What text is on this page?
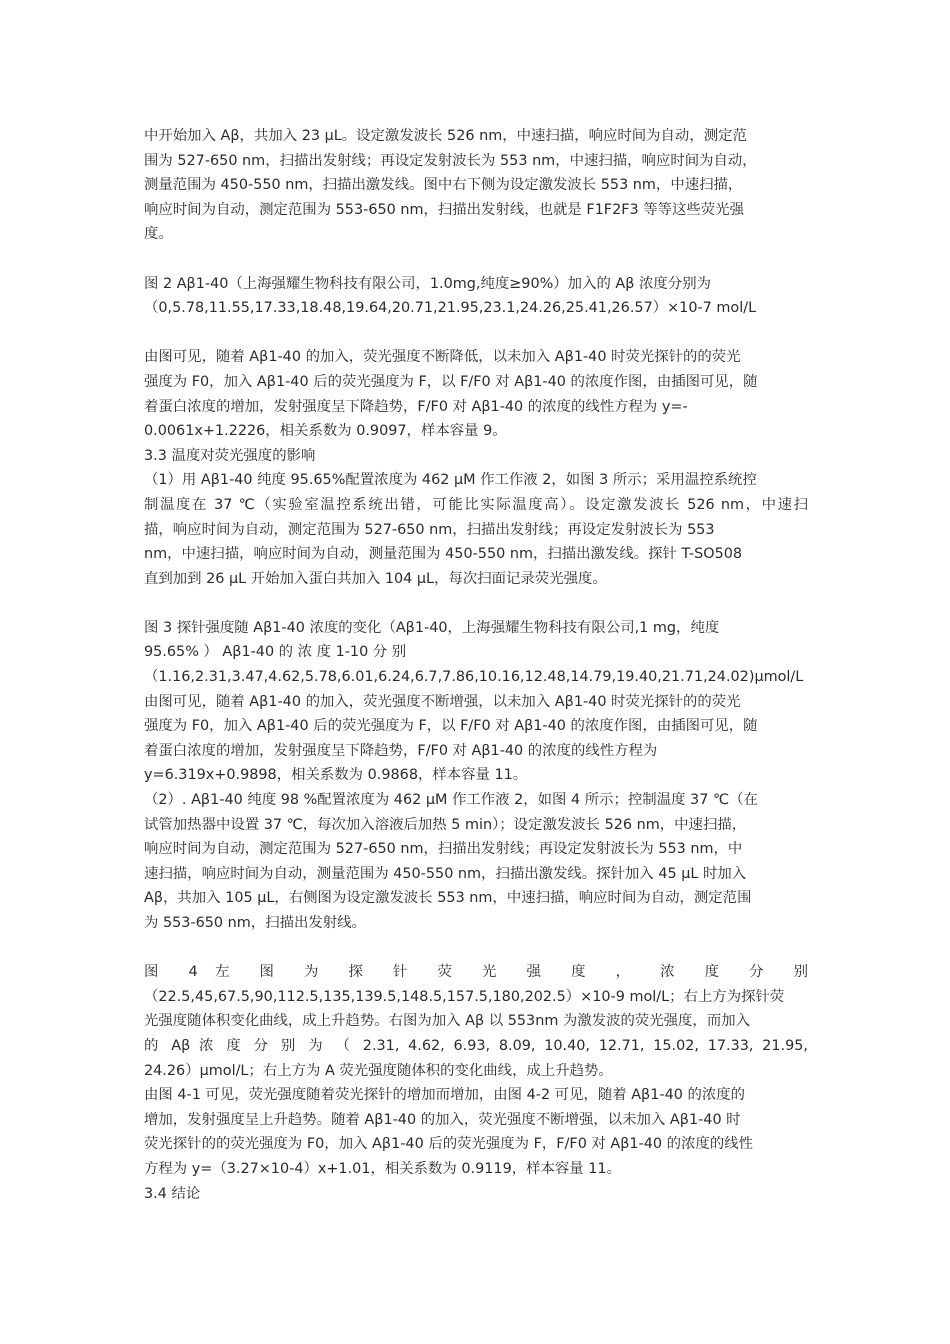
中开始加入 Aβ，共加入 23 μL。设定激发波长 526 nm，中速扫描，响应时间为自动，测定范
围为 527-650 nm，扫描出发射线；再设定发射波长为 553 nm，中速扫描，响应时间为自动，
测量范围为 450-550 nm，扫描出激发线。图中右下侧为设定激发波长 553 nm，中速扫描，
响应时间为自动，测定范围为 553-650 nm，扫描出发射线，也就是 F1F2F3 等等这些荧光强
度。
图 2 Aβ1-40（上海强耀生物科技有限公司，1.0mg,纯度≥90%）加入的 Aβ 浓度分别为
（0,5.78,11.55,17.33,18.48,19.64,20.71,21.95,23.1,24.26,25.41,26.57）×10-7 mol/L
由图可见，随着 Aβ1-40 的加入，荧光强度不断降低，以未加入 Aβ1-40 时荧光探针的的荧光
强度为 F0，加入 Aβ1-40 后的荧光强度为 F，以 F/F0 对 Aβ1-40 的浓度作图，由插图可见，随
着蛋白浓度的增加，发射强度呈下降趋势，F/F0 对 Aβ1-40 的浓度的线性方程为 y=-
0.0061x+1.2226，相关系数为 0.9097，样本容量 9。
3.3 温度对荧光强度的影响
（1）用 Aβ1-40 纯度 95.65%配置浓度为 462 μM 作工作液 2，如图 3 所示；采用温控系统控
制温度在 37 ℃（实验室温控系统出错，可能比实际温度高）。设定激发波长 526 nm，中速扫
描，响应时间为自动，测定范围为 527-650 nm，扫描出发射线；再设定发射波长为 553
nm，中速扫描，响应时间为自动，测量范围为 450-550 nm，扫描出激发线。探针 T-SO508
直到加到 26 μL 开始加入蛋白共加入 104 μL，每次扫面记录荧光强度。
图 3 探针强度随 Aβ1-40 浓度的变化（Aβ1-40，上海强耀生物科技有限公司,1 mg，纯度
95.65% ） Aβ1-40 的 浓 度 1-10 分 别
（1.16,2.31,3.47,4.62,5.78,6.01,6.24,6.7,7.86,10.16,12.48,14.79,19.40,21.71,24.02)μmol/L
由图可见，随着 Aβ1-40 的加入，荧光强度不断增强，以未加入 Aβ1-40 时荧光探针的的荧光
强度为 F0，加入 Aβ1-40 后的荧光强度为 F，以 F/F0 对 Aβ1-40 的浓度作图，由插图可见，随
着蛋白浓度的增加，发射强度呈下降趋势，F/F0 对 Aβ1-40 的浓度的线性方程为
y=6.319x+0.9898，相关系数为 0.9868，样本容量 11。
（2）. Aβ1-40 纯度 98 %配置浓度为 462 μM 作工作液 2，如图 4 所示；控制温度 37 ℃（在
试管加热器中设置 37 ℃，每次加入溶液后加热 5 min）；设定激发波长 526 nm，中速扫描，
响应时间为自动，测定范围为 527-650 nm，扫描出发射线；再设定发射波长为 553 nm，中
速扫描，响应时间为自动，测量范围为 450-550 nm，扫描出激发线。探针加入 45 μL 时加入
Aβ，共加入 105 μL，右侧图为设定激发波长 553 nm，中速扫描，响应时间为自动，测定范围
为 553-650 nm，扫描出发射线。
图 4 左 图 为 探 针 荧 光 强 度 ， 浓 度 分 别
（22.5,45,67.5,90,112.5,135,139.5,148.5,157.5,180,202.5）×10-9 mol/L；右上方为探针荧
光强度随体积变化曲线，成上升趋势。右图为加入 Aβ 以 553nm 为激发波的荧光强度，而加入
的 Aβ 浓 度 分 别 为 （ 2.31, 4.62, 6.93, 8.09, 10.40, 12.71, 15.02, 17.33, 21.95,
24.26）μmol/L；右上方为 A 荧光强度随体积的变化曲线，成上升趋势。
由图 4-1 可见，荧光强度随着荧光探针的增加而增加，由图 4-2 可见，随着 Aβ1-40 的浓度的
增加，发射强度呈上升趋势。随着 Aβ1-40 的加入，荧光强度不断增强，以未加入 Aβ1-40 时
荧光探针的的荧光强度为 F0，加入 Aβ1-40 后的荧光强度为 F，F/F0 对 Aβ1-40 的浓度的线性
方程为 y=（3.27×10-4）x+1.01，相关系数为 0.9119，样本容量 11。
3.4 结论
